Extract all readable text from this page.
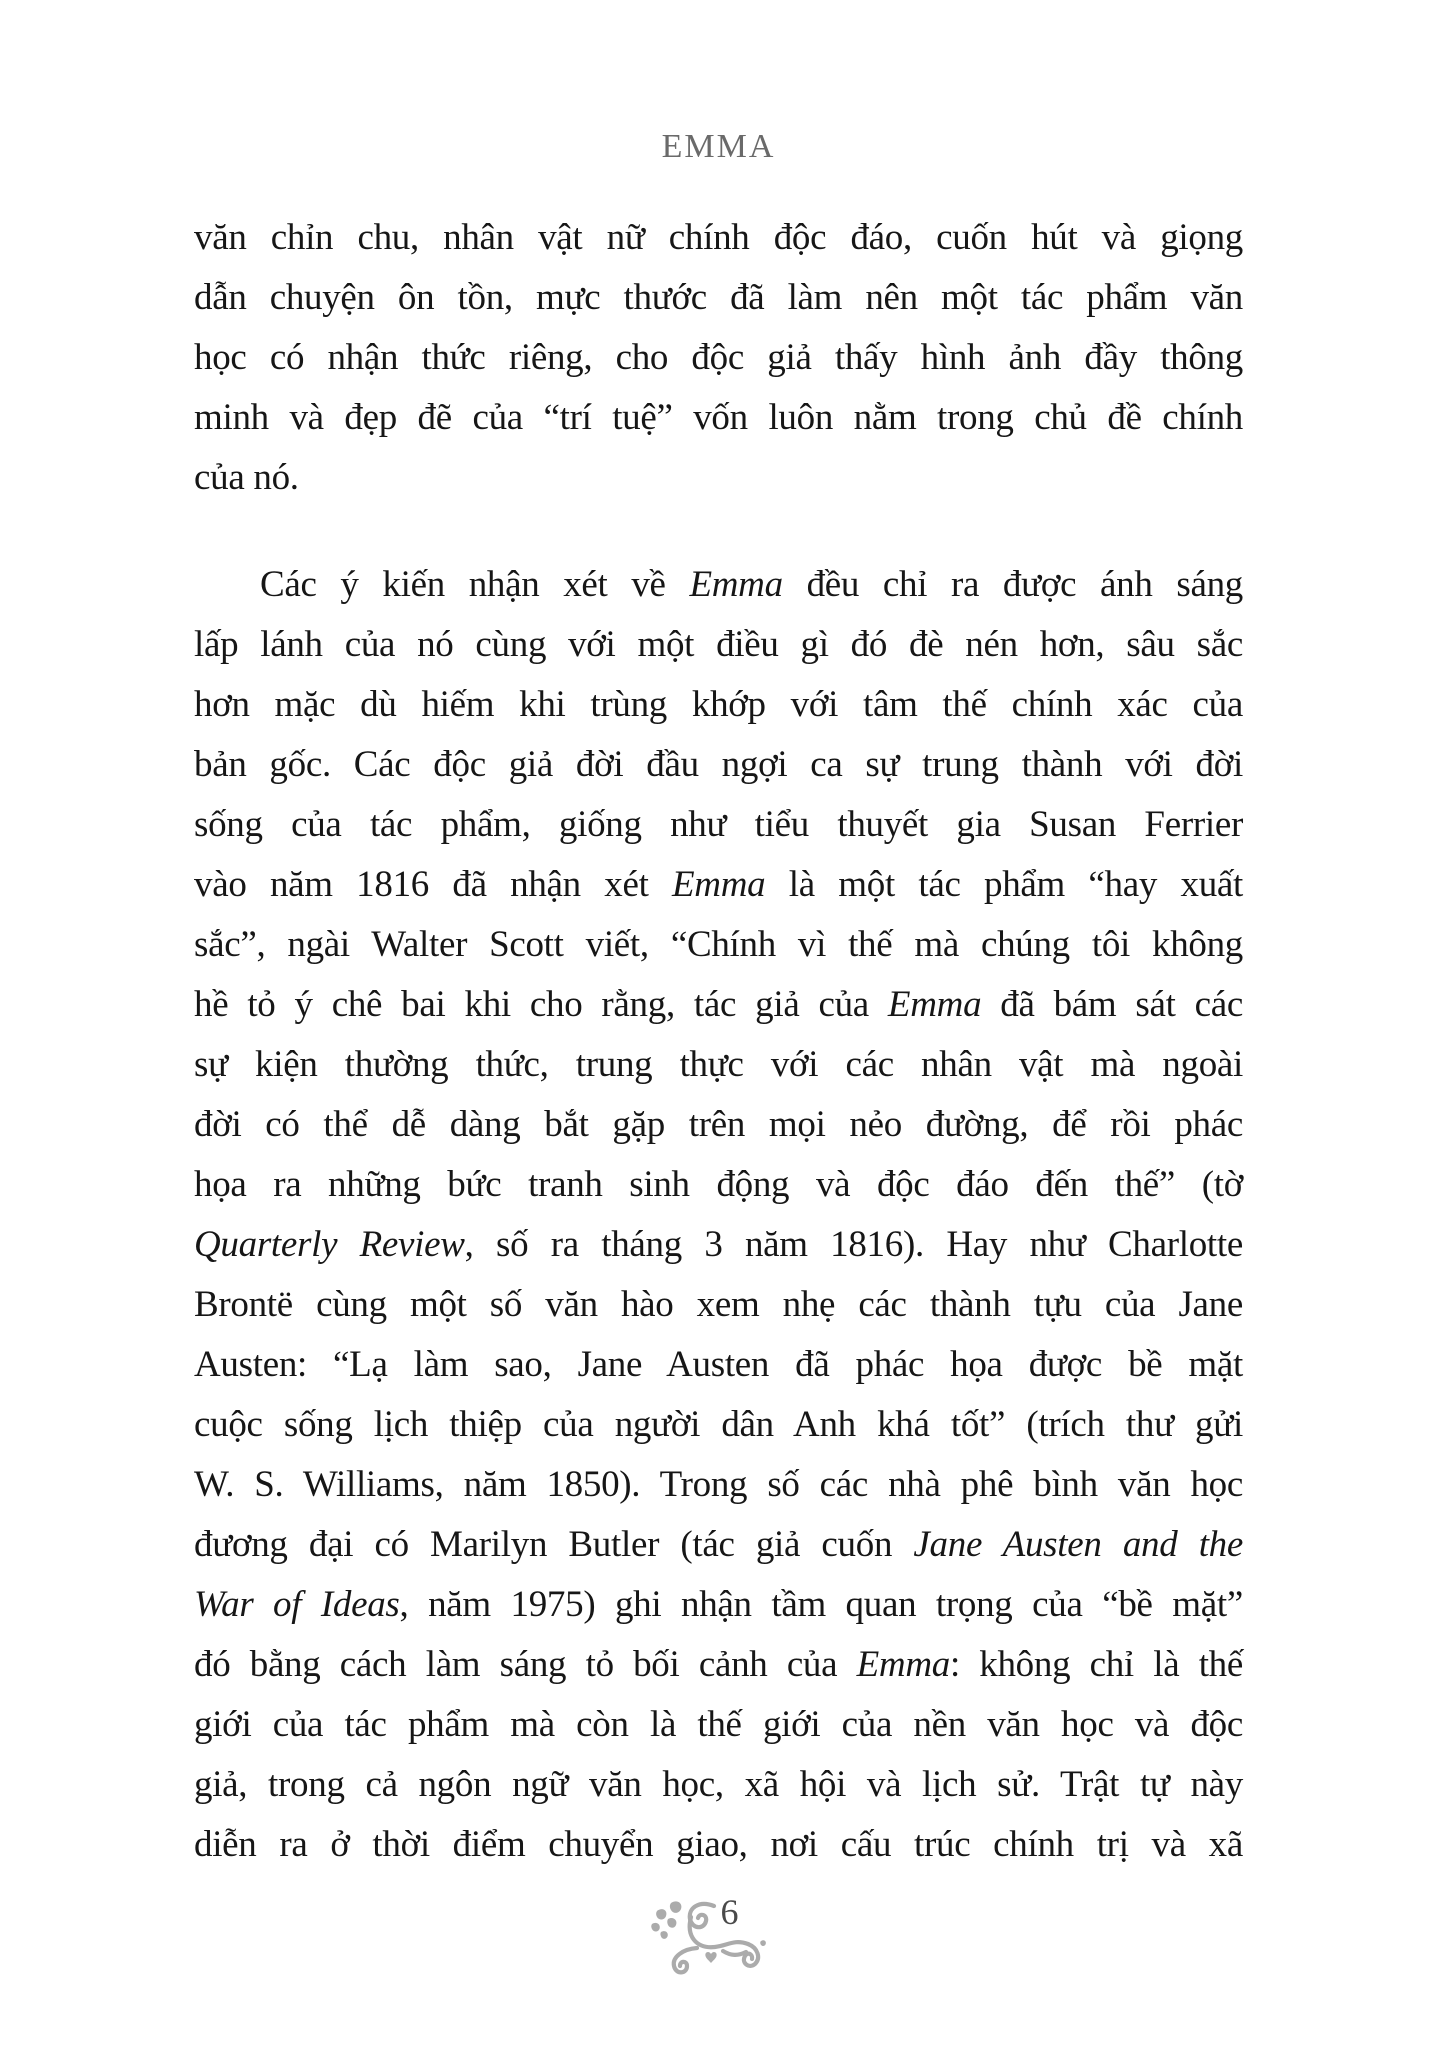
EMMA
văn chỉn chu, nhân vật nữ chính độc đáo, cuốn hút và giọng
dẫn chuyện ôn tồn, mực thước đã làm nên một tác phẩm văn
học có nhận thức riêng, cho độc giả thấy hình ảnh đầy thông
minh và đẹp đẽ của “trí tuệ” vốn luôn nằm trong chủ đề chính
của nó.
Các ý kiến nhận xét về Emma đều chỉ ra được ánh sáng
lấp lánh của nó cùng với một điều gì đó đè nén hơn, sâu sắc
hơn mặc dù hiếm khi trùng khớp với tâm thế chính xác của
bản gốc. Các độc giả đời đầu ngợi ca sự trung thành với đời
sống của tác phẩm, giống như tiểu thuyết gia Susan Ferrier
vào năm 1816 đã nhận xét Emma là một tác phẩm “hay xuất
sắc”, ngài Walter Scott viết, “Chính vì thế mà chúng tôi không
hề tỏ ý chê bai khi cho rằng, tác giả của Emma đã bám sát các
sự kiện thường thức, trung thực với các nhân vật mà ngoài
đời có thể dễ dàng bắt gặp trên mọi nẻo đường, để rồi phác
họa ra những bức tranh sinh động và độc đáo đến thế” (tờ
Quarterly Review, số ra tháng 3 năm 1816). Hay như Charlotte
Brontë cùng một số văn hào xem nhẹ các thành tựu của Jane
Austen: “Lạ làm sao, Jane Austen đã phác họa được bề mặt
cuộc sống lịch thiệp của người dân Anh khá tốt” (trích thư gửi
W. S. Williams, năm 1850). Trong số các nhà phê bình văn học
đương đại có Marilyn Butler (tác giả cuốn Jane Austen and the
War of Ideas, năm 1975) ghi nhận tầm quan trọng của “bề mặt”
đó bằng cách làm sáng tỏ bối cảnh của Emma: không chỉ là thế
giới của tác phẩm mà còn là thế giới của nền văn học và độc
giả, trong cả ngôn ngữ văn học, xã hội và lịch sử. Trật tự này
diễn ra ở thời điểm chuyển giao, nơi cấu trúc chính trị và xã
6
